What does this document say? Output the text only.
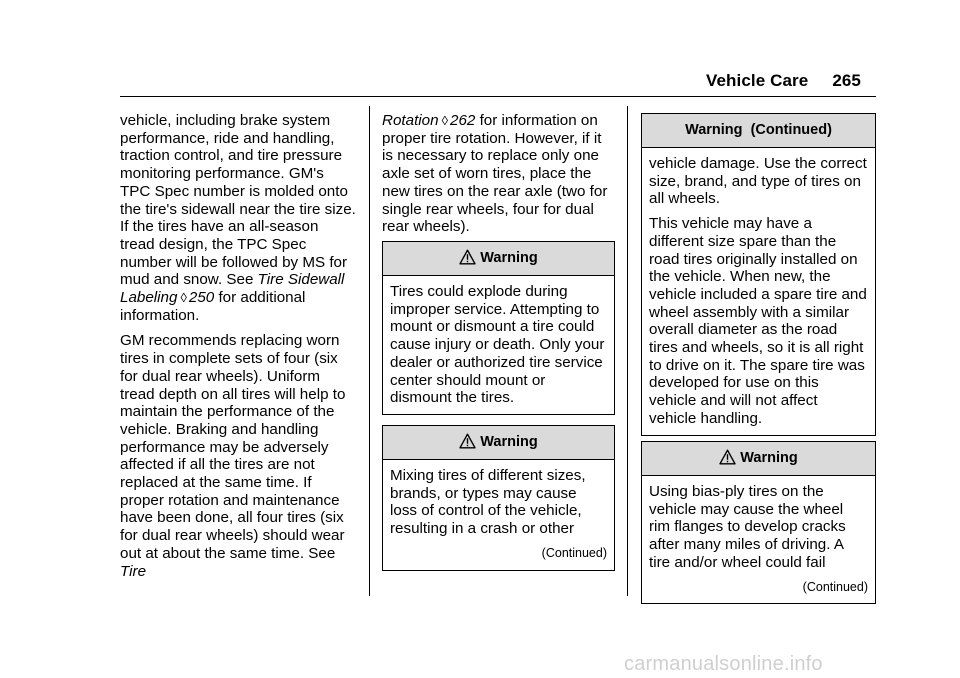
Vehicle Care 265

vehicle, including brake system performance, ride and handling, traction control, and tire pressure monitoring performance. GM's TPC Spec number is molded onto the tire's sidewall near the tire size. If the tires have an all-season tread design, the TPC Spec number will be followed by MS for mud and snow. See Tire Sidewall Labeling ◊ 250 for additional information.

GM recommends replacing worn tires in complete sets of four (six for dual rear wheels). Uniform tread depth on all tires will help to maintain the performance of the vehicle. Braking and handling performance may be adversely affected if all the tires are not replaced at the same time. If proper rotation and maintenance have been done, all four tires (six for dual rear wheels) should wear out at about the same time. See Tire

Rotation ◊ 262 for information on proper tire rotation. However, if it is necessary to replace only one axle set of worn tires, place the new tires on the rear axle (two for single rear wheels, four for dual rear wheels).

Warning

Tires could explode during improper service. Attempting to mount or dismount a tire could cause injury or death. Only your dealer or authorized tire service center should mount or dismount the tires.

Warning

Mixing tires of different sizes, brands, or types may cause loss of control of the vehicle, resulting in a crash or other

(Continued)
Warning  (Continued)

vehicle damage. Use the correct size, brand, and type of tires on all wheels.

This vehicle may have a different size spare than the road tires originally installed on the vehicle. When new, the vehicle included a spare tire and wheel assembly with a similar overall diameter as the road tires and wheels, so it is all right to drive on it. The spare tire was developed for use on this vehicle and will not affect vehicle handling.

Warning

Using bias-ply tires on the vehicle may cause the wheel rim flanges to develop cracks after many miles of driving. A tire and/or wheel could fail

(Continued)
carmanualsonline.info
